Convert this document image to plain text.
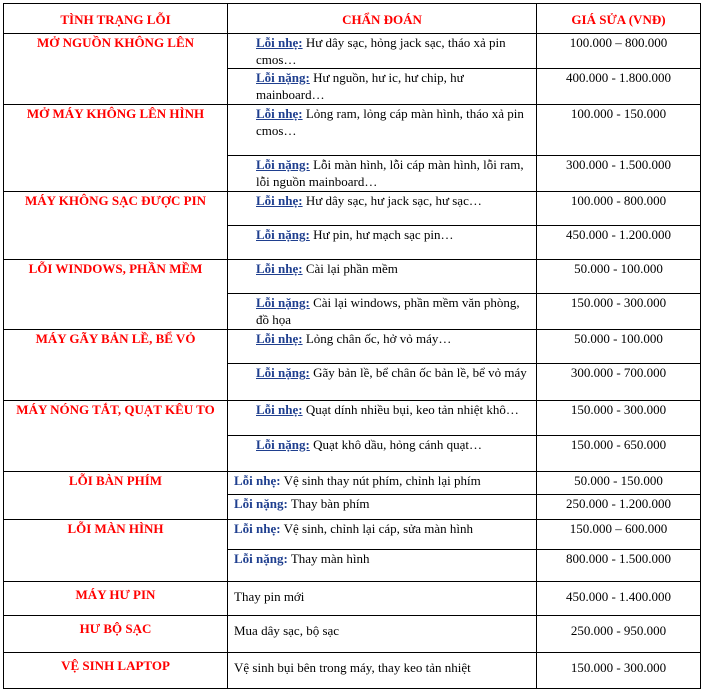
TÌNH TRẠNG LỖI	CHẨN ĐOÁN	GIÁ SỬA (VNĐ)
MỞ NGUỒN KHÔNG LÊN	Lỗi nhẹ: Hư dây sạc, hỏng jack sạc, tháo xả pin cmos…	100.000 – 800.000
	Lỗi nặng: Hư nguồn, hư ic, hư chip, hư mainboard…	400.000 - 1.800.000
MỞ MÁY KHÔNG LÊN HÌNH	Lỗi nhẹ: Lỏng ram, lỏng cáp màn hình, tháo xả pin cmos…	100.000 - 150.000
	Lỗi nặng: Lỗi màn hình, lỗi cáp màn hình, lỗi ram, lỗi nguồn mainboard…	300.000 - 1.500.000
MÁY KHÔNG SẠC ĐƯỢC PIN	Lỗi nhẹ: Hư dây sạc, hư jack sạc, hư sạc…	100.000 - 800.000
	Lỗi nặng: Hư pin, hư mạch sạc pin…	450.000 - 1.200.000
LỖI WINDOWS, PHẦN MỀM	Lỗi nhẹ: Cài lại phần mềm	50.000 - 100.000
	Lỗi nặng: Cài lại windows, phần mềm văn phòng, đồ họa	150.000 - 300.000
MÁY GÃY BẢN LỀ, BỂ VỎ	Lỗi nhẹ: Lỏng chân ốc, hở vỏ máy…	50.000 - 100.000
	Lỗi nặng: Gãy bản lề, bể chân ốc bản lề, bể vỏ máy	300.000 - 700.000
MÁY NÓNG TẮT, QUẠT KÊU TO	Lỗi nhẹ: Quạt dính nhiều bụi, keo tản nhiệt khô…	150.000 - 300.000
	Lỗi nặng: Quạt khô dầu, hỏng cánh quạt…	150.000 - 650.000
LỖI BÀN PHÍM	Lỗi nhẹ: Vệ sinh thay nút phím, chỉnh lại phím	50.000 - 150.000
	Lỗi nặng: Thay bàn phím	250.000 - 1.200.000
LỖI MÀN HÌNH	Lỗi nhẹ: Vệ sinh, chỉnh lại cáp, sửa màn hình	150.000 – 600.000
	Lỗi nặng: Thay màn hình	800.000 - 1.500.000
MÁY HƯ PIN	Thay pin mới	450.000 - 1.400.000
HƯ BỘ SẠC	Mua dây sạc, bộ sạc	250.000 - 950.000
VỆ SINH LAPTOP	Vệ sinh bụi bên trong máy, thay keo tản nhiệt	150.000 - 300.000
